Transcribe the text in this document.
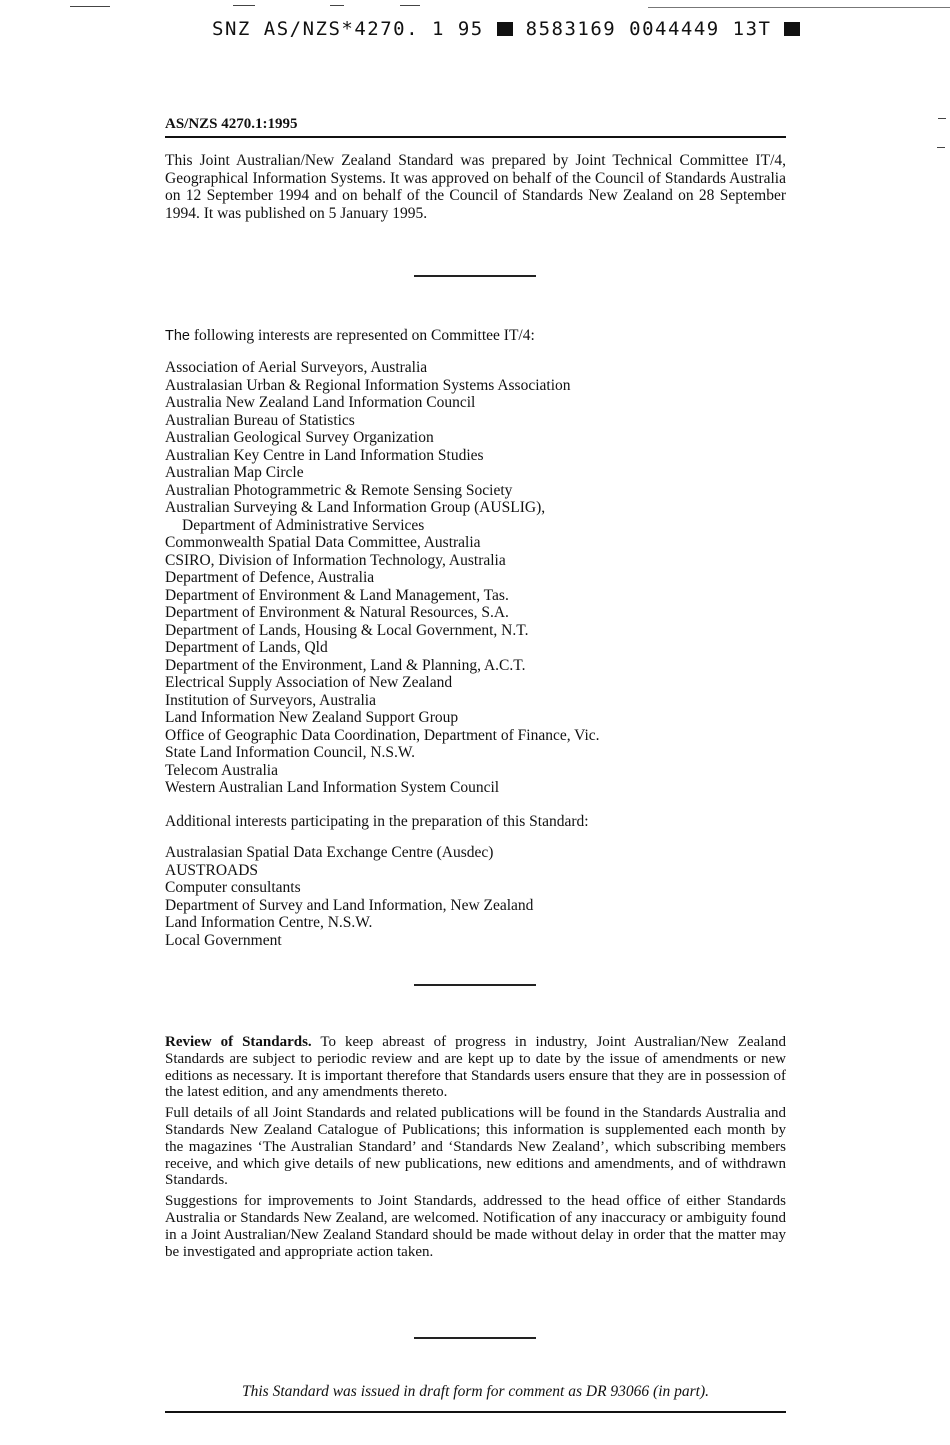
SNZ AS/NZS*4270. 1 95 8583169 0044449 13T
AS/NZS 4270.1:1995

This Joint Australian/New Zealand Standard was prepared by Joint Technical Committee IT/4, Geographical Information Systems. It was approved on behalf of the Council of Standards Australia on 12 September 1994 and on behalf of the Council of Standards New Zealand on 28 September 1994. It was published on 5 January 1995.

The following interests are represented on Committee IT/4:
Association of Aerial Surveyors, Australia
Australasian Urban & Regional Information Systems Association
Australia New Zealand Land Information Council
Australian Bureau of Statistics
Australian Geological Survey Organization
Australian Key Centre in Land Information Studies
Australian Map Circle
Australian Photogrammetric & Remote Sensing Society
Australian Surveying & Land Information Group (AUSLIG),
Department of Administrative Services
Commonwealth Spatial Data Committee, Australia
CSIRO, Division of Information Technology, Australia
Department of Defence, Australia
Department of Environment & Land Management, Tas.
Department of Environment & Natural Resources, S.A.
Department of Lands, Housing & Local Government, N.T.
Department of Lands, Qld
Department of the Environment, Land & Planning, A.C.T.
Electrical Supply Association of New Zealand
Institution of Surveyors, Australia
Land Information New Zealand Support Group
Office of Geographic Data Coordination, Department of Finance, Vic.
State Land Information Council, N.S.W.
Telecom Australia
Western Australian Land Information System Council
Additional interests participating in the preparation of this Standard:
Australasian Spatial Data Exchange Centre (Ausdec)
AUSTROADS
Computer consultants
Department of Survey and Land Information, New Zealand
Land Information Centre, N.S.W.
Local Government

Review of Standards. To keep abreast of progress in industry, Joint Australian/New Zealand Standards are subject to periodic review and are kept up to date by the issue of amendments or new editions as necessary. It is important therefore that Standards users ensure that they are in possession of the latest edition, and any amendments thereto.

Full details of all Joint Standards and related publications will be found in the Standards Australia and Standards New Zealand Catalogue of Publications; this information is supplemented each month by the magazines ‘The Australian Standard’ and ‘Standards New Zealand’, which subscribing members receive, and which give details of new publications, new editions and amendments, and of withdrawn Standards.

Suggestions for improvements to Joint Standards, addressed to the head office of either Standards Australia or Standards New Zealand, are welcomed. Notification of any inaccuracy or ambiguity found in a Joint Australian/New Zealand Standard should be made without delay in order that the matter may be investigated and appropriate action taken.

This Standard was issued in draft form for comment as DR 93066 (in part).
